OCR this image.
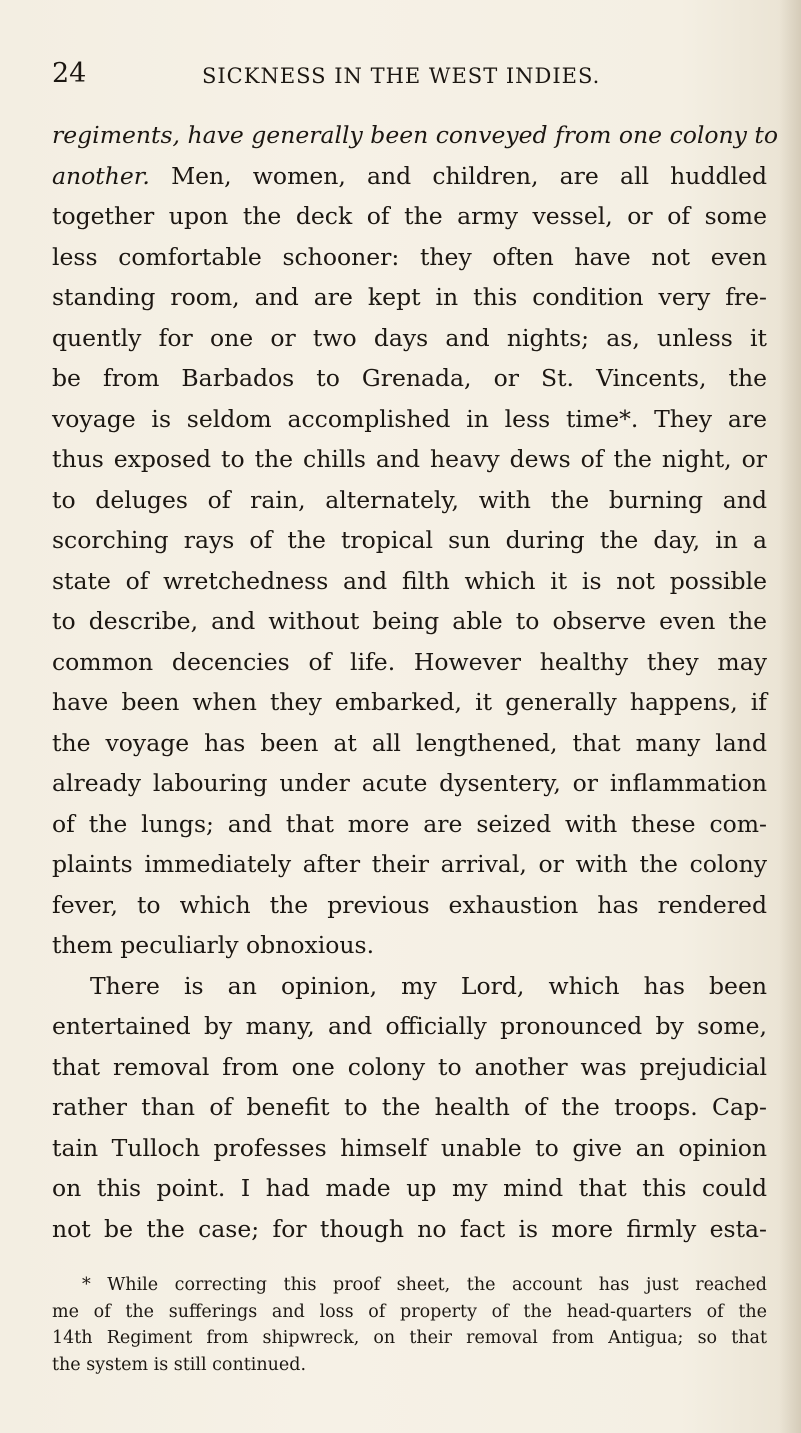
24	SICKNESS IN THE WEST INDIES.
regiments, have generally been conveyed from one colony to
another. Men, women, and children, are all huddled
together upon the deck of the army vessel, or of some
less comfortable schooner: they often have not even
standing room, and are kept in this condition very fre-
quently for one or two days and nights; as, unless it
be from Barbados to Grenada, or St. Vincents, the
voyage is seldom accomplished in less time*. They are
thus exposed to the chills and heavy dews of the night, or
to deluges of rain, alternately, with the burning and
scorching rays of the tropical sun during the day, in a
state of wretchedness and filth which it is not possible
to describe, and without being able to observe even the
common decencies of life. However healthy they may
have been when they embarked, it generally happens, if
the voyage has been at all lengthened, that many land
already labouring under acute dysentery, or inflammation
of the lungs; and that more are seized with these com-
plaints immediately after their arrival, or with the colony
fever, to which the previous exhaustion has rendered
them peculiarly obnoxious.
There is an opinion, my Lord, which has been
entertained by many, and officially pronounced by some,
that removal from one colony to another was prejudicial
rather than of benefit to the health of the troops. Cap-
tain Tulloch professes himself unable to give an opinion
on this point. I had made up my mind that this could
not be the case; for though no fact is more firmly esta-
* While correcting this proof sheet, the account has just reached
me of the sufferings and loss of property of the head-quarters of the
14th Regiment from shipwreck, on their removal from Antigua; so that
the system is still continued.
